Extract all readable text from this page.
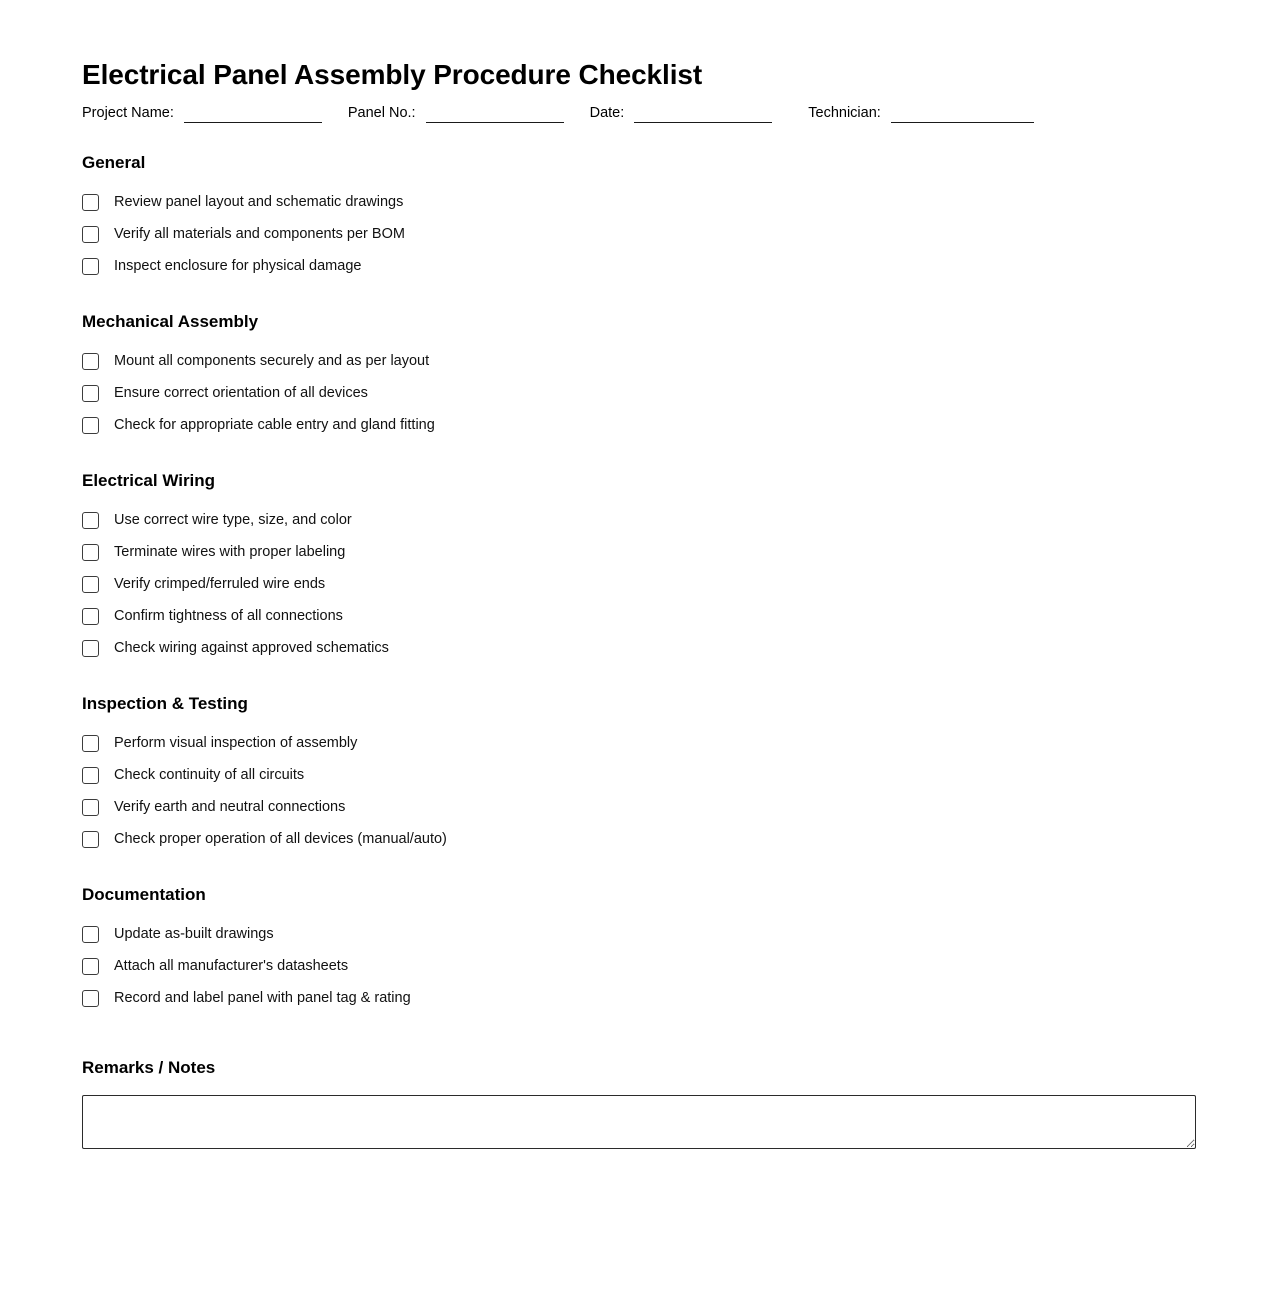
Electrical Panel Assembly Procedure Checklist
Project Name:	Panel No.:	Date:	Technician:
General
Review panel layout and schematic drawings
Verify all materials and components per BOM
Inspect enclosure for physical damage
Mechanical Assembly
Mount all components securely and as per layout
Ensure correct orientation of all devices
Check for appropriate cable entry and gland fitting
Electrical Wiring
Use correct wire type, size, and color
Terminate wires with proper labeling
Verify crimped/ferruled wire ends
Confirm tightness of all connections
Check wiring against approved schematics
Inspection & Testing
Perform visual inspection of assembly
Check continuity of all circuits
Verify earth and neutral connections
Check proper operation of all devices (manual/auto)
Documentation
Update as-built drawings
Attach all manufacturer's datasheets
Record and label panel with panel tag & rating
Remarks / Notes
